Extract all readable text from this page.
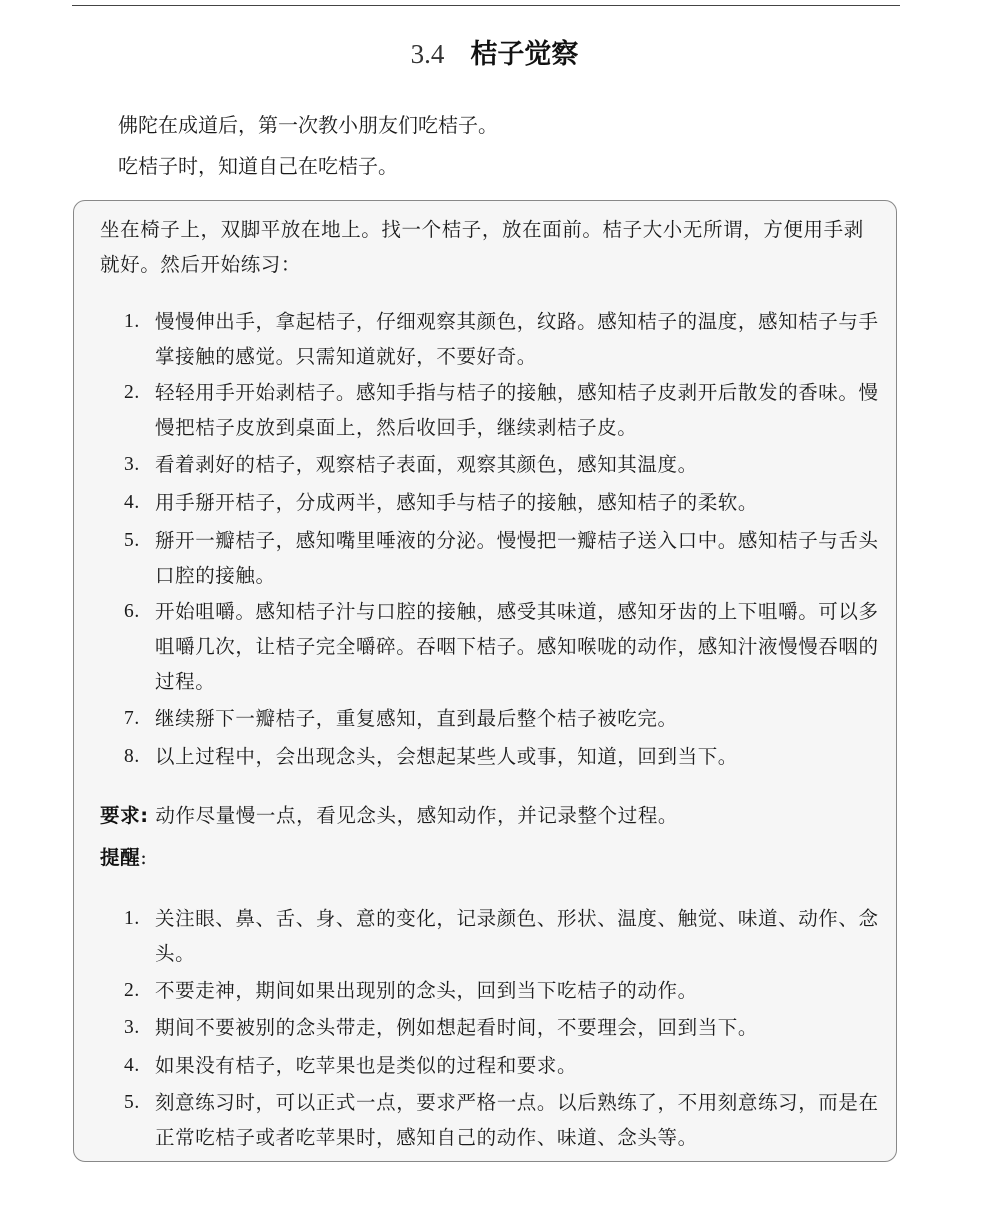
3.4 桔子觉察

佛陀在成道后，第一次教小朋友们吃桔子。

吃桔子时，知道自己在吃桔子。

坐在椅子上，双脚平放在地上。找一个桔子，放在面前。桔子大小无所谓，方便用手剥就好。然后开始练习：

1. 慢慢伸出手，拿起桔子，仔细观察其颜色，纹路。感知桔子的温度，感知桔子与手掌接触的感觉。只需知道就好，不要好奇。
2. 轻轻用手开始剥桔子。感知手指与桔子的接触，感知桔子皮剥开后散发的香味。慢慢把桔子皮放到桌面上，然后收回手，继续剥桔子皮。
3. 看着剥好的桔子，观察桔子表面，观察其颜色，感知其温度。
4. 用手掰开桔子，分成两半，感知手与桔子的接触，感知桔子的柔软。
5. 掰开一瓣桔子，感知嘴里唾液的分泌。慢慢把一瓣桔子送入口中。感知桔子与舌头口腔的接触。
6. 开始咀嚼。感知桔子汁与口腔的接触，感受其味道，感知牙齿的上下咀嚼。可以多咀嚼几次，让桔子完全嚼碎。吞咽下桔子。感知喉咙的动作，感知汁液慢慢吞咽的过程。
7. 继续掰下一瓣桔子，重复感知，直到最后整个桔子被吃完。
8. 以上过程中，会出现念头，会想起某些人或事，知道，回到当下。

要求: 动作尽量慢一点，看见念头，感知动作，并记录整个过程。

提醒:

1. 关注眼、鼻、舌、身、意的变化，记录颜色、形状、温度、触觉、味道、动作、念头。
2. 不要走神，期间如果出现别的念头，回到当下吃桔子的动作。
3. 期间不要被别的念头带走，例如想起看时间，不要理会，回到当下。
4. 如果没有桔子，吃苹果也是类似的过程和要求。
5. 刻意练习时，可以正式一点，要求严格一点。以后熟练了，不用刻意练习，而是在正常吃桔子或者吃苹果时，感知自己的动作、味道、念头等。
